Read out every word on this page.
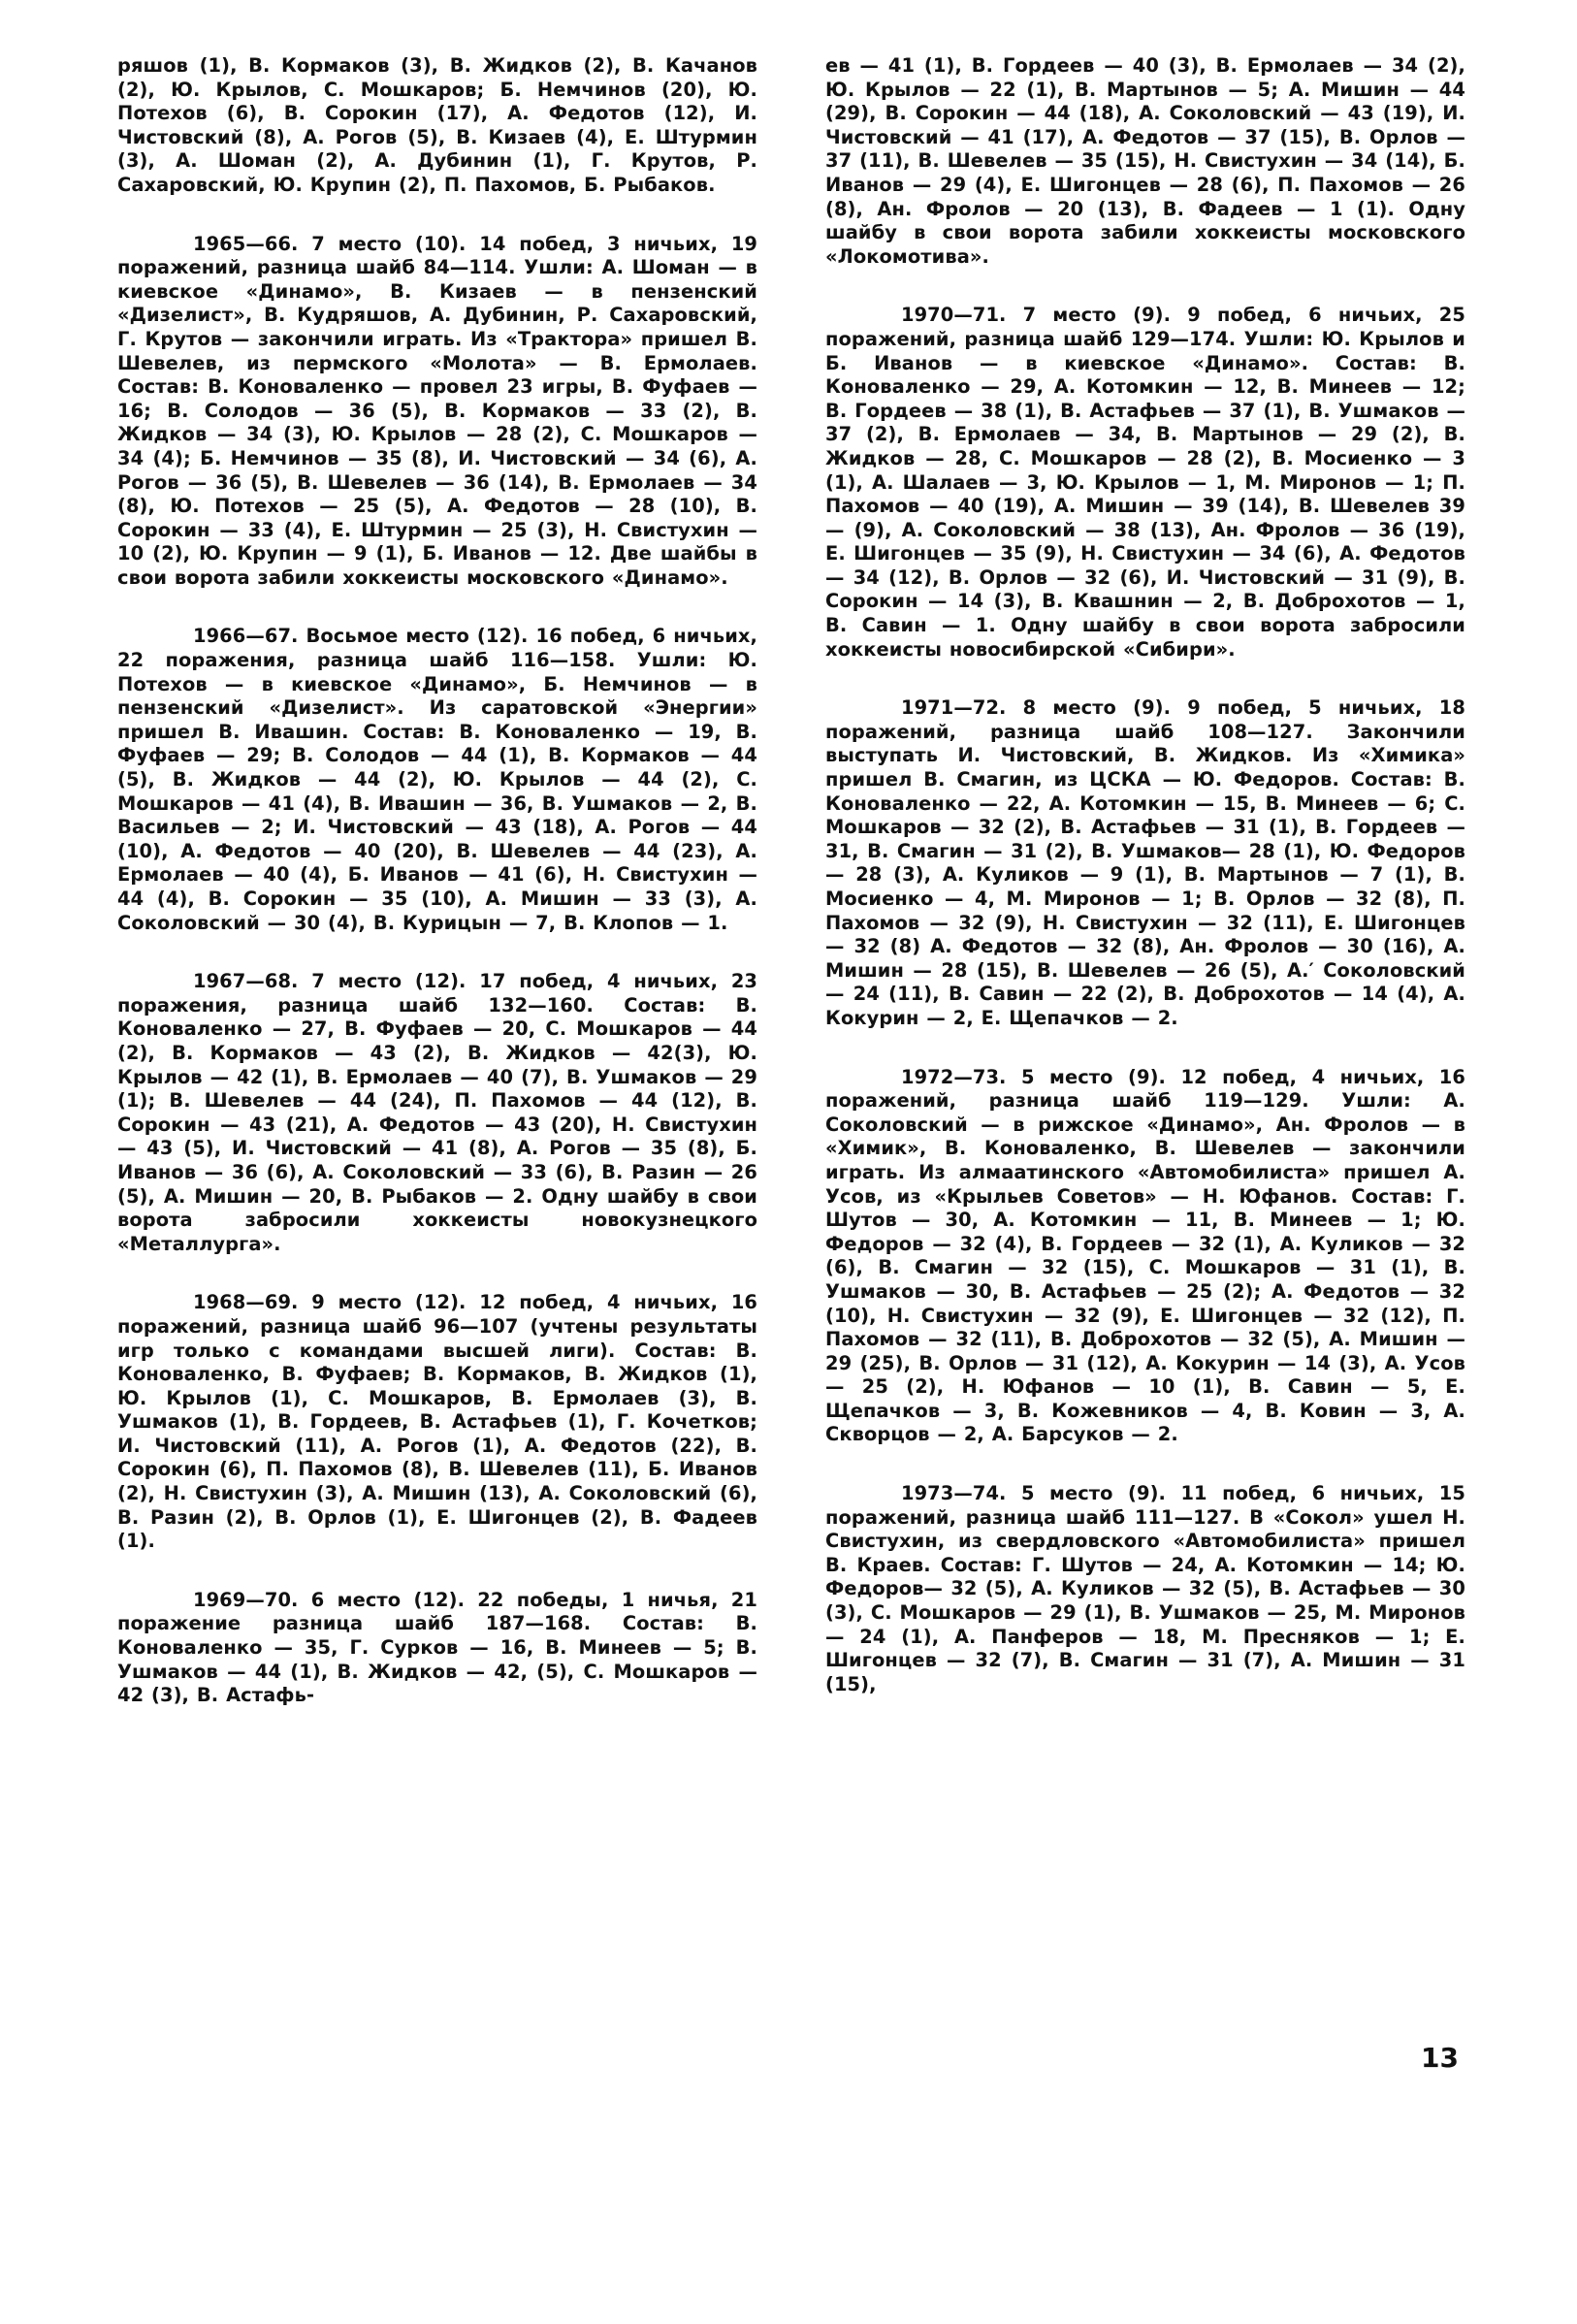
ряшов (1), В. Кормаков (3), В. Жидков (2), В. Качанов (2), Ю. Крылов, С. Мошкаров; Б. Немчинов (20), Ю. Потехов (6), В. Сорокин (17), А. Федотов (12), И. Чистовский (8), А. Рогов (5), В. Кизаев (4), Е. Штурмин (3), А. Шоман (2), А. Дубинин (1), Г. Крутов, Р. Сахаровский, Ю. Крупин (2), П. Пахомов, Б. Рыбаков.

1965—66. 7 место (10). 14 побед, 3 ничьих, 19 поражений, разница шайб 84—114. Ушли: А. Шоман — в киевское «Динамо», В. Кизаев — в пензенский «Дизелист», В. Кудряшов, А. Дубинин, Р. Сахаровский, Г. Крутов — закончили играть. Из «Трактора» пришел В. Шевелев, из пермского «Молота» — В. Ермолаев. Состав: В. Коноваленко — провел 23 игры, В. Фуфаев — 16; В. Солодов — 36 (5), В. Кормаков — 33 (2), В. Жидков — 34 (3), Ю. Крылов — 28 (2), С. Мошкаров — 34 (4); Б. Немчинов — 35 (8), И. Чистовский — 34 (6), А. Рогов — 36 (5), В. Шевелев — 36 (14), В. Ермолаев — 34 (8), Ю. Потехов — 25 (5), А. Федотов — 28 (10), В. Сорокин — 33 (4), Е. Штурмин — 25 (3), Н. Свистухин — 10 (2), Ю. Крупин — 9 (1), Б. Иванов — 12. Две шайбы в свои ворота забили хоккеисты московского «Динамо».

1966—67. Восьмое место (12). 16 побед, 6 ничьих, 22 поражения, разница шайб 116—158. Ушли: Ю. Потехов — в киевское «Динамо», Б. Немчинов — в пензенский «Дизелист». Из саратовской «Энергии» пришел В. Ивашин. Состав: В. Коноваленко — 19, В. Фуфаев — 29; В. Солодов — 44 (1), В. Кормаков — 44 (5), В. Жидков — 44 (2), Ю. Крылов — 44 (2), С. Мошкаров — 41 (4), В. Ивашин — 36, В. Ушмаков — 2, В. Васильев — 2; И. Чистовский — 43 (18), А. Рогов — 44 (10), А. Федотов — 40 (20), В. Шевелев — 44 (23), А. Ермолаев — 40 (4), Б. Иванов — 41 (6), Н. Свистухин — 44 (4), В. Сорокин — 35 (10), А. Мишин — 33 (3), А. Соколовский — 30 (4), В. Курицын — 7, В. Клопов — 1.

1967—68. 7 место (12). 17 побед, 4 ничьих, 23 поражения, разница шайб 132—160. Состав: В. Коноваленко — 27, В. Фуфаев — 20, С. Мошкаров — 44 (2), В. Кормаков — 43 (2), В. Жидков — 42(3), Ю. Крылов — 42 (1), В. Ермолаев — 40 (7), В. Ушмаков — 29 (1); В. Шевелев — 44 (24), П. Пахомов — 44 (12), В. Сорокин — 43 (21), А. Федотов — 43 (20), Н. Свистухин — 43 (5), И. Чистовский — 41 (8), А. Рогов — 35 (8), Б. Иванов — 36 (6), А. Соколовский — 33 (6), В. Разин — 26 (5), А. Мишин — 20, В. Рыбаков — 2. Одну шайбу в свои ворота забросили хоккеисты новокузнецкого «Металлурга».

1968—69. 9 место (12). 12 побед, 4 ничьих, 16 поражений, разница шайб 96—107 (учтены результаты игр только с командами высшей лиги). Состав: В. Коноваленко, В. Фуфаев; В. Кормаков, В. Жидков (1), Ю. Крылов (1), С. Мошкаров, В. Ермолаев (3), В. Ушмаков (1), В. Гордеев, В. Астафьев (1), Г. Кочетков; И. Чистовский (11), А. Рогов (1), А. Федотов (22), В. Сорокин (6), П. Пахомов (8), В. Шевелев (11), Б. Иванов (2), Н. Свистухин (3), А. Мишин (13), А. Соколовский (6), В. Разин (2), В. Орлов (1), Е. Шигонцев (2), В. Фадеев (1).

1969—70. 6 место (12). 22 победы, 1 ничья, 21 поражение разница шайб 187—168. Состав: В. Коноваленко — 35, Г. Сурков — 16, В. Минеев — 5; В. Ушмаков — 44 (1), В. Жидков — 42, (5), С. Мошкаров — 42 (3), В. Астафь-

ев — 41 (1), В. Гордеев — 40 (3), В. Ермолаев — 34 (2), Ю. Крылов — 22 (1), В. Мартынов — 5; А. Мишин — 44 (29), В. Сорокин — 44 (18), А. Соколовский — 43 (19), И. Чистовский — 41 (17), А. Федотов — 37 (15), В. Орлов — 37 (11), В. Шевелев — 35 (15), Н. Свистухин — 34 (14), Б. Иванов — 29 (4), Е. Шигонцев — 28 (6), П. Пахомов — 26 (8), Ан. Фролов — 20 (13), В. Фадеев — 1 (1). Одну шайбу в свои ворота забили хоккеисты московского «Локомотива».

1970—71. 7 место (9). 9 побед, 6 ничьих, 25 поражений, разница шайб 129—174. Ушли: Ю. Крылов и Б. Иванов — в киевское «Динамо». Состав: В. Коноваленко — 29, А. Котомкин — 12, В. Минеев — 12; В. Гордеев — 38 (1), В. Астафьев — 37 (1), В. Ушмаков — 37 (2), В. Ермолаев — 34, В. Мартынов — 29 (2), В. Жидков — 28, С. Мошкаров — 28 (2), В. Мосиенко — 3 (1), А. Шалаев — 3, Ю. Крылов — 1, М. Миронов — 1; П. Пахомов — 40 (19), А. Мишин — 39 (14), В. Шевелев 39 — (9), А. Соколовский — 38 (13), Ан. Фролов — 36 (19), Е. Шигонцев — 35 (9), Н. Свистухин — 34 (6), А. Федотов — 34 (12), В. Орлов — 32 (6), И. Чистовский — 31 (9), В. Сорокин — 14 (3), В. Квашнин — 2, В. Доброхотов — 1, В. Савин — 1. Одну шайбу в свои ворота забросили хоккеисты новосибирской «Сибири».

1971—72. 8 место (9). 9 побед, 5 ничьих, 18 поражений, разница шайб 108—127. Закончили выступать И. Чистовский, В. Жидков. Из «Химика» пришел В. Смагин, из ЦСКА — Ю. Федоров. Состав: В. Коноваленко — 22, А. Котомкин — 15, В. Минеев — 6; С. Мошкаров — 32 (2), В. Астафьев — 31 (1), В. Гордеев — 31, В. Смагин — 31 (2), В. Ушмаков— 28 (1), Ю. Федоров — 28 (3), А. Куликов — 9 (1), В. Мартынов — 7 (1), В. Мосиенко — 4, М. Миронов — 1; В. Орлов — 32 (8), П. Пахомов — 32 (9), Н. Свистухин — 32 (11), Е. Шигонцев — 32 (8) А. Федотов — 32 (8), Ан. Фролов — 30 (16), А. Мишин — 28 (15), В. Шевелев — 26 (5), А.′ Соколовский — 24 (11), В. Савин — 22 (2), В. Доброхотов — 14 (4), А. Кокурин — 2, Е. Щепачков — 2.

1972—73. 5 место (9). 12 побед, 4 ничьих, 16 поражений, разница шайб 119—129. Ушли: А. Соколовский — в рижское «Динамо», Ан. Фролов — в «Химик», В. Коноваленко, В. Шевелев — закончили играть. Из алмаатинского «Автомобилиста» пришел А. Усов, из «Крыльев Советов» — Н. Юфанов. Состав: Г. Шутов — 30, А. Котомкин — 11, В. Минеев — 1; Ю. Федоров — 32 (4), В. Гордеев — 32 (1), А. Куликов — 32 (6), В. Смагин — 32 (15), С. Мошкаров — 31 (1), В. Ушмаков — 30, В. Астафьев — 25 (2); А. Федотов — 32 (10), Н. Свистухин — 32 (9), Е. Шигонцев — 32 (12), П. Пахомов — 32 (11), В. Доброхотов — 32 (5), А. Мишин — 29 (25), В. Орлов — 31 (12), А. Кокурин — 14 (3), А. Усов — 25 (2), Н. Юфанов — 10 (1), В. Савин — 5, Е. Щепачков — 3, В. Кожевников — 4, В. Ковин — 3, А. Скворцов — 2, А. Барсуков — 2.

1973—74. 5 место (9). 11 побед, 6 ничьих, 15 поражений, разница шайб 111—127. В «Сокол» ушел Н. Свистухин, из свердловского «Автомобилиста» пришел В. Краев. Состав: Г. Шутов — 24, А. Котомкин — 14; Ю. Федоров— 32 (5), А. Куликов — 32 (5), В. Астафьев — 30 (3), С. Мошкаров — 29 (1), В. Ушмаков — 25, М. Миронов — 24 (1), А. Панферов — 18, М. Пресняков — 1; Е. Шигонцев — 32 (7), В. Смагин — 31 (7), А. Мишин — 31 (15),

13
